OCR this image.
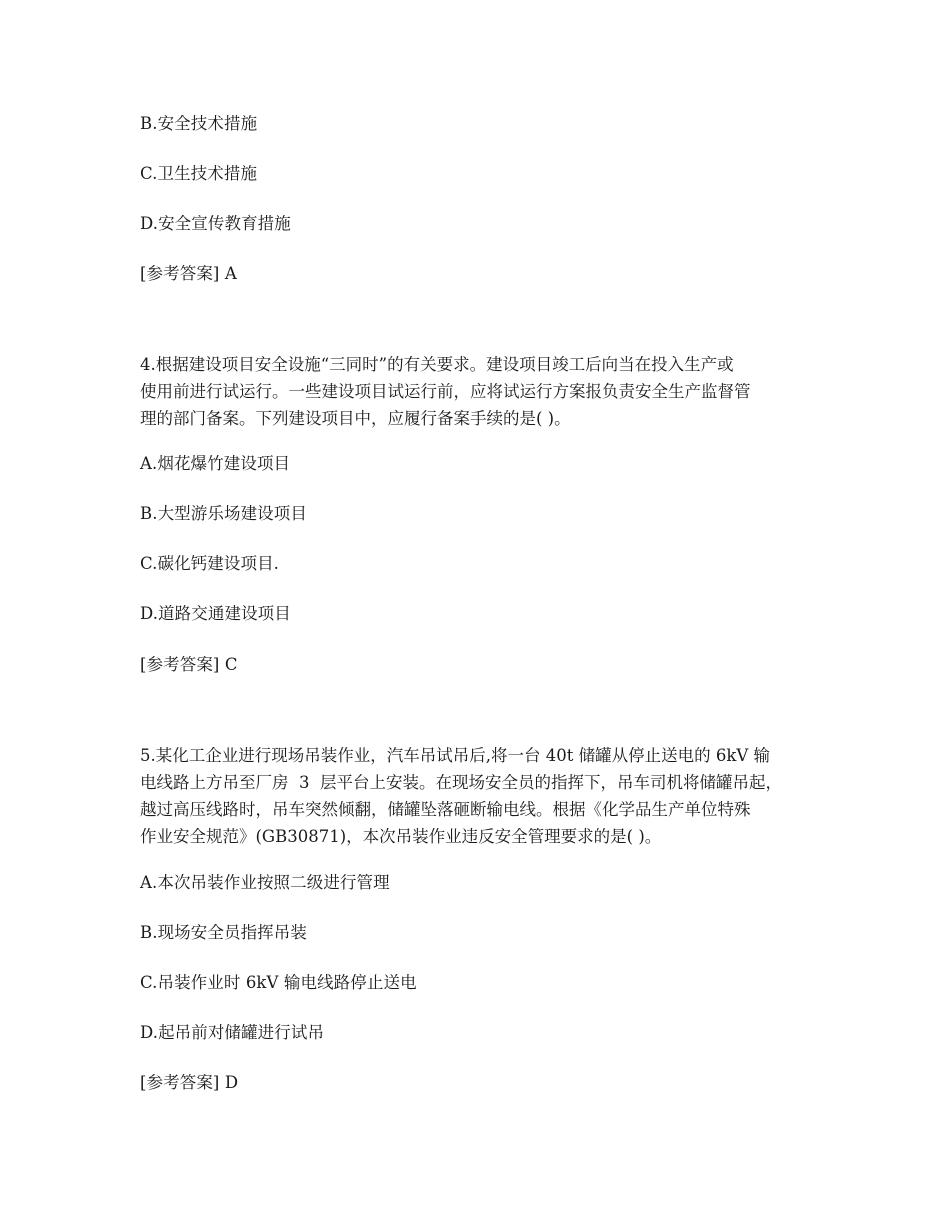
B.安全技术措施
C.卫生技术措施
D.安全宣传教育措施
[参考答案] A
4.根据建设项目安全设施“三同时”的有关要求。建设项目竣工后向当在投入生产或
使用前进行试运行。一些建设项目试运行前，应将试运行方案报负责安全生产监督管
理的部门备案。下列建设项目中，应履行备案手续的是( )。
A.烟花爆竹建设项目
B.大型游乐场建设项目
C.碳化钙建设项目.
D.道路交通建设项目
[参考答案] C
5.某化工企业进行现场吊装作业，汽车吊试吊后,将一台 40t 储罐从停止送电的 6kV 输
电线路上方吊至厂房  3  层平台上安装。在现场安全员的指挥下，吊车司机将储罐吊起，
越过高压线路时，吊车突然倾翻，储罐坠落砸断输电线。根据《化学品生产单位特殊
作业安全规范》(GB30871)，本次吊装作业违反安全管理要求的是( )。
A.本次吊装作业按照二级进行管理
B.现场安全员指挥吊装
C.吊装作业时 6kV 输电线路停止送电
D.起吊前对储罐进行试吊
[参考答案] D
